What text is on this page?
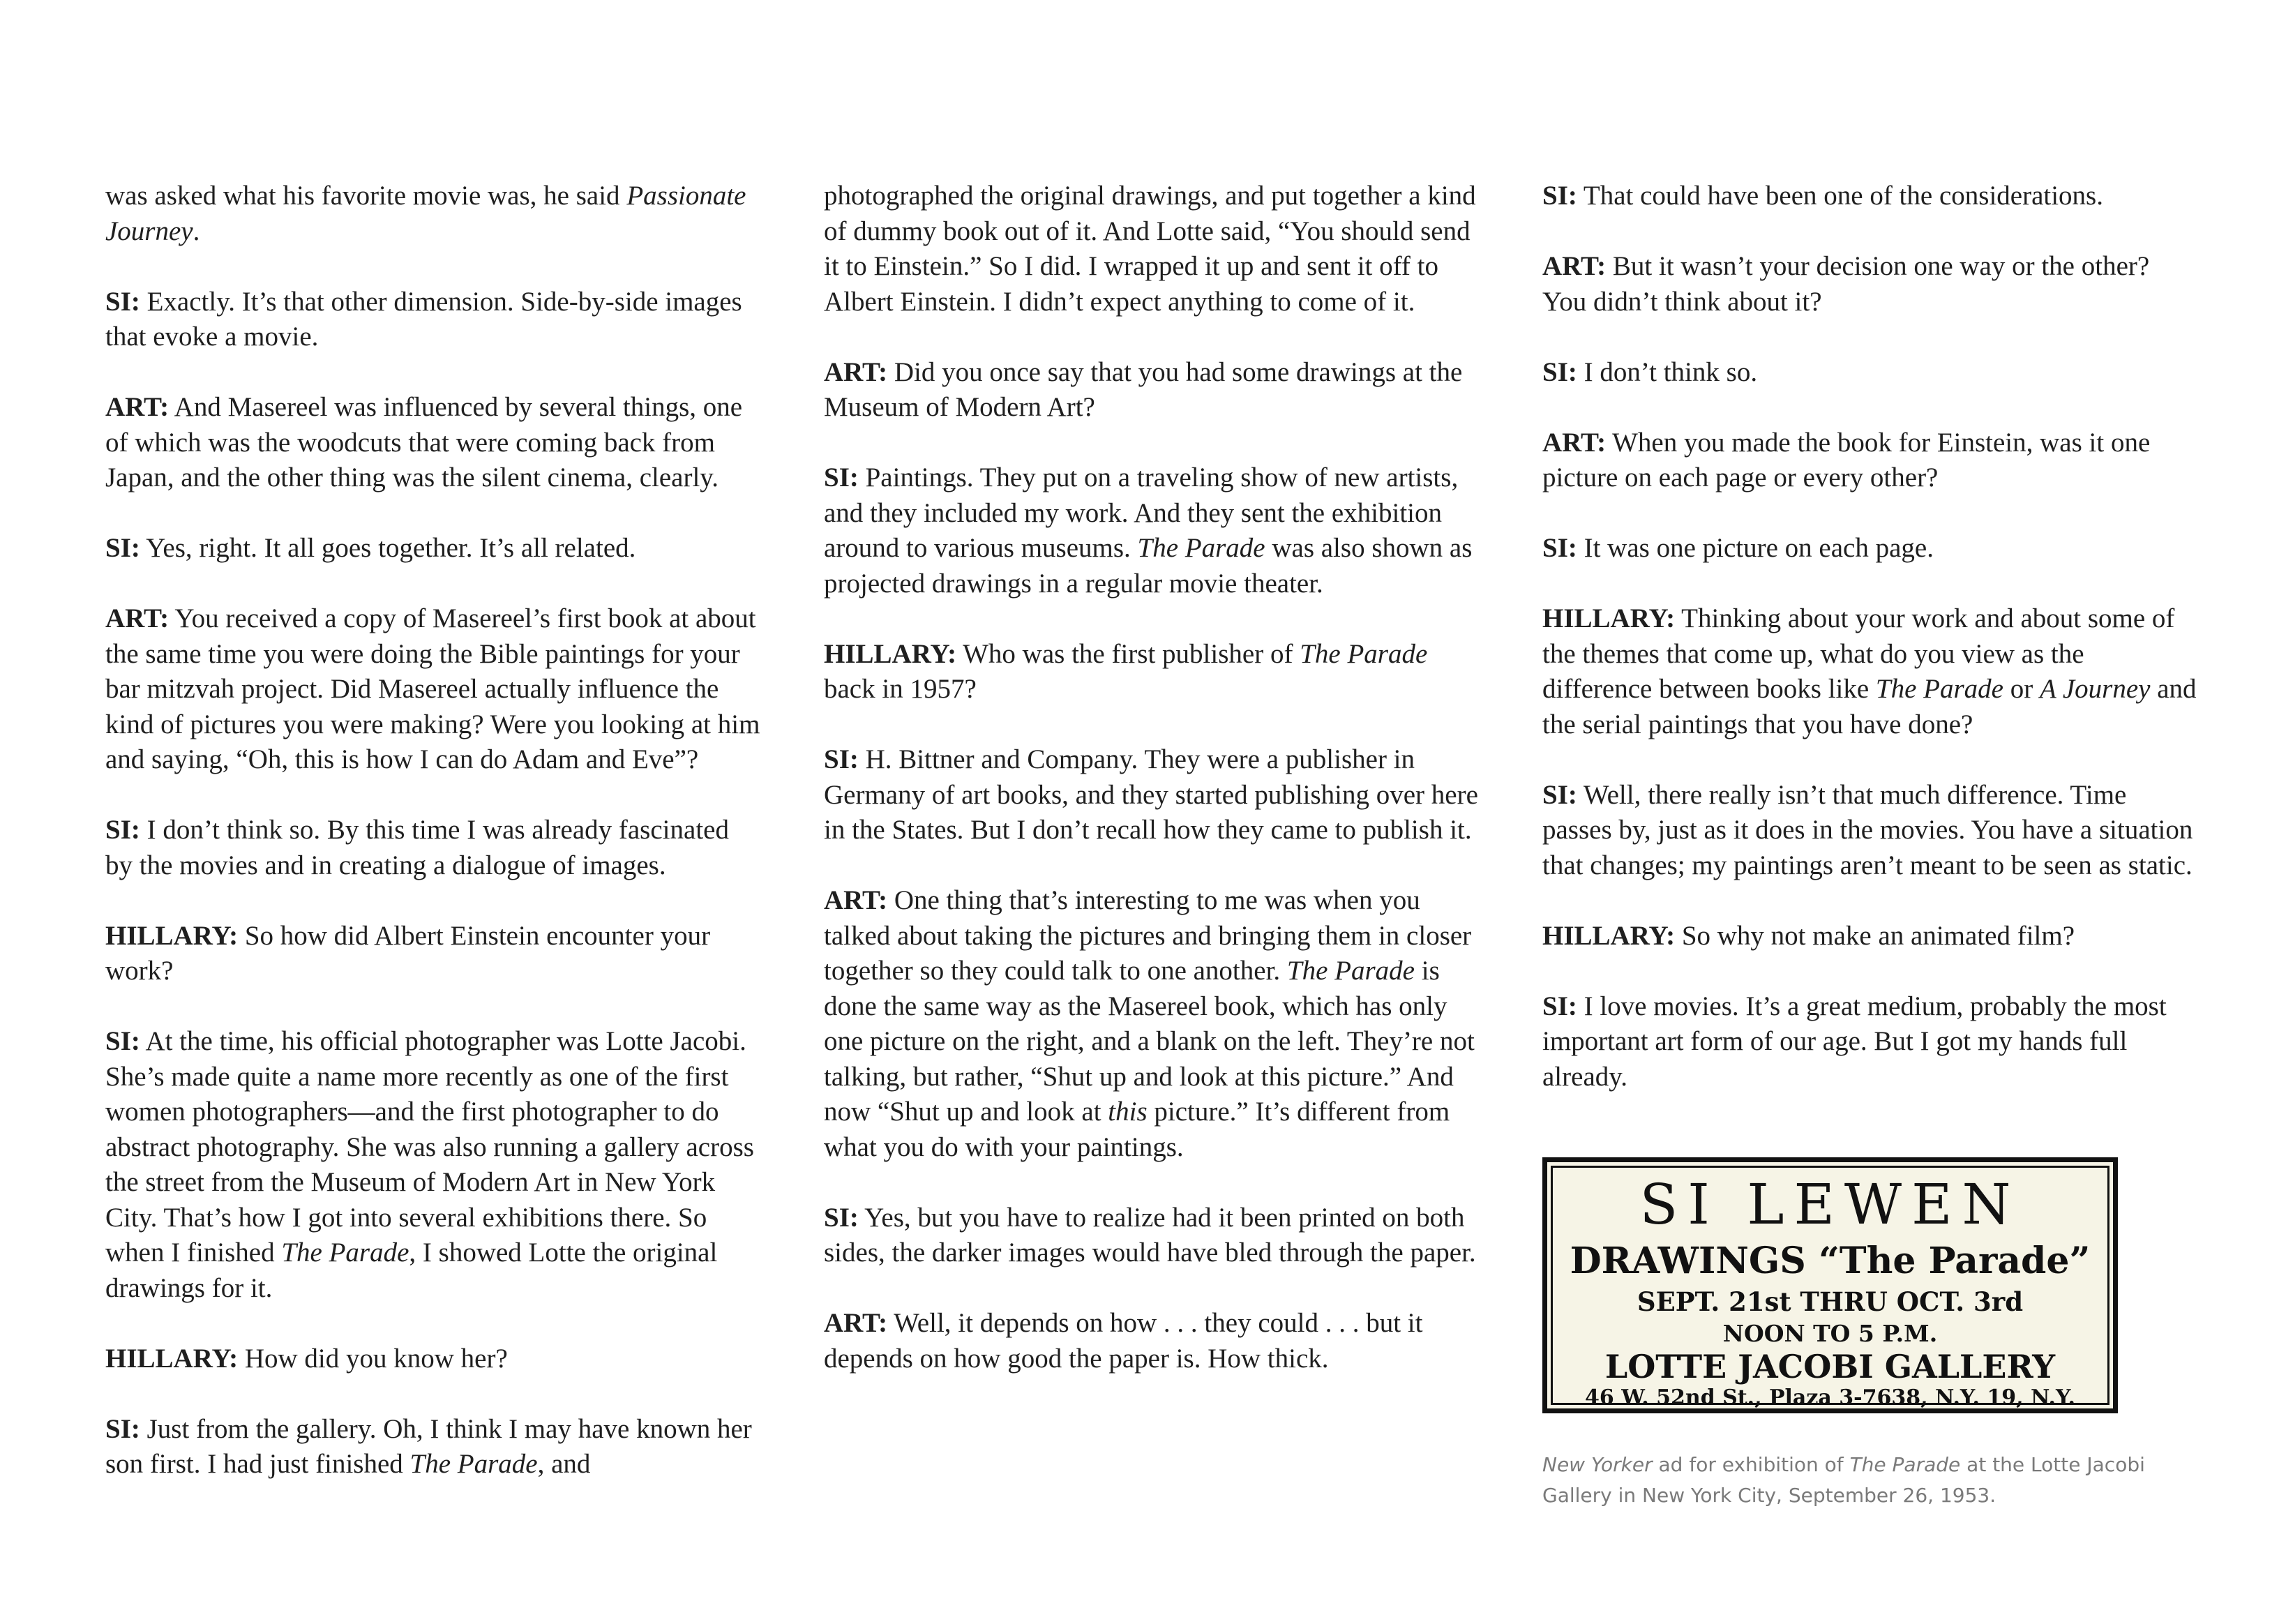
was asked what his favorite movie was, he said Passionate Journey.

SI: Exactly. It’s that other dimension. Side-by-side images that evoke a movie.

ART: And Masereel was influenced by several things, one of which was the woodcuts that were coming back from Japan, and the other thing was the silent cinema, clearly.

SI: Yes, right. It all goes together. It’s all related.

ART: You received a copy of Masereel’s first book at about the same time you were doing the Bible paintings for your bar mitzvah project. Did Masereel actually influence the kind of pictures you were making? Were you looking at him and saying, “Oh, this is how I can do Adam and Eve”?

SI: I don’t think so. By this time I was already fascinated by the movies and in creating a dialogue of images.

HILLARY: So how did Albert Einstein encounter your work?

SI: At the time, his official photographer was Lotte Jacobi. She’s made quite a name more recently as one of the first women photographers—and the first photographer to do abstract photography. She was also running a gallery across the street from the Museum of Modern Art in New York City. That’s how I got into several exhibitions there. So when I finished The Parade, I showed Lotte the original drawings for it.

HILLARY: How did you know her?

SI: Just from the gallery. Oh, I think I may have known her son first. I had just finished The Parade, and

photographed the original drawings, and put together a kind of dummy book out of it. And Lotte said, “You should send it to Einstein.” So I did. I wrapped it up and sent it off to Albert Einstein. I didn’t expect anything to come of it.

ART: Did you once say that you had some drawings at the Museum of Modern Art?

SI: Paintings. They put on a traveling show of new artists, and they included my work. And they sent the exhibition around to various museums. The Parade was also shown as projected drawings in a regular movie theater.

HILLARY: Who was the first publisher of The Parade back in 1957?

SI: H. Bittner and Company. They were a publisher in Germany of art books, and they started publishing over here in the States. But I don’t recall how they came to publish it.

ART: One thing that’s interesting to me was when you talked about taking the pictures and bringing them in closer together so they could talk to one another. The Parade is done the same way as the Masereel book, which has only one picture on the right, and a blank on the left. They’re not talking, but rather, “Shut up and look at this picture.” And now “Shut up and look at this picture.” It’s different from what you do with your paintings.

SI: Yes, but you have to realize had it been printed on both sides, the darker images would have bled through the paper.

ART: Well, it depends on how . . . they could . . . but it depends on how good the paper is. How thick.

SI: That could have been one of the considerations.

ART: But it wasn’t your decision one way or the other? You didn’t think about it?

SI: I don’t think so.

ART: When you made the book for Einstein, was it one picture on each page or every other?

SI: It was one picture on each page.

HILLARY: Thinking about your work and about some of the themes that come up, what do you view as the difference between books like The Parade or A Journey and the serial paintings that you have done?

SI: Well, there really isn’t that much difference. Time passes by, just as it does in the movies. You have a situation that changes; my paintings aren’t meant to be seen as static.

HILLARY: So why not make an animated film?

SI: I love movies. It’s a great medium, probably the most important art form of our age. But I got my hands full already.

SI LEWEN
DRAWINGS “The Parade”
SEPT. 21st THRU OCT. 3rd
NOON TO 5 P.M.
LOTTE JACOBI GALLERY
46 W. 52nd St., Plaza 3-7638, N.Y. 19, N.Y.
New Yorker ad for exhibition of The Parade at the Lotte Jacobi Gallery in New York City, September 26, 1953.
